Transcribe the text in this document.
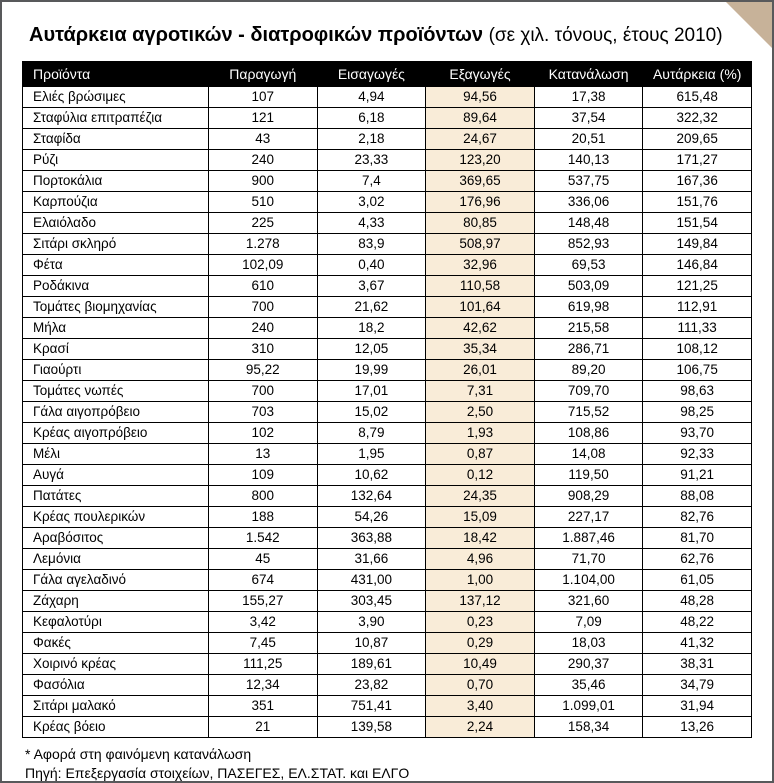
Αυτάρκεια αγροτικών - διατροφικών προϊόντων (σε χιλ. τόνους, έτους 2010)
Προϊόντα	Παραγωγή	Εισαγωγές	Εξαγωγές	Κατανάλωση	Αυτάρκεια (%)
Ελιές βρώσιμες	107	4,94	94,56	17,38	615,48
Σταφύλια επιτραπέζια	121	6,18	89,64	37,54	322,32
Σταφίδα	43	2,18	24,67	20,51	209,65
Ρύζι	240	23,33	123,20	140,13	171,27
Πορτοκάλια	900	7,4	369,65	537,75	167,36
Καρπούζια	510	3,02	176,96	336,06	151,76
Ελαιόλαδο	225	4,33	80,85	148,48	151,54
Σιτάρι σκληρό	1.278	83,9	508,97	852,93	149,84
Φέτα	102,09	0,40	32,96	69,53	146,84
Ροδάκινα	610	3,67	110,58	503,09	121,25
Τομάτες βιομηχανίας	700	21,62	101,64	619,98	112,91
Μήλα	240	18,2	42,62	215,58	111,33
Κρασί	310	12,05	35,34	286,71	108,12
Γιαούρτι	95,22	19,99	26,01	89,20	106,75
Τομάτες νωπές	700	17,01	7,31	709,70	98,63
Γάλα αιγοπρόβειο	703	15,02	2,50	715,52	98,25
Κρέας αιγοπρόβειο	102	8,79	1,93	108,86	93,70
Μέλι	13	1,95	0,87	14,08	92,33
Αυγά	109	10,62	0,12	119,50	91,21
Πατάτες	800	132,64	24,35	908,29	88,08
Κρέας πουλερικών	188	54,26	15,09	227,17	82,76
Αραβόσιτος	1.542	363,88	18,42	1.887,46	81,70
Λεμόνια	45	31,66	4,96	71,70	62,76
Γάλα αγελαδινό	674	431,00	1,00	1.104,00	61,05
Ζάχαρη	155,27	303,45	137,12	321,60	48,28
Κεφαλοτύρι	3,42	3,90	0,23	7,09	48,22
Φακές	7,45	10,87	0,29	18,03	41,32
Χοιρινό κρέας	111,25	189,61	10,49	290,37	38,31
Φασόλια	12,34	23,82	0,70	35,46	34,79
Σιτάρι μαλακό	351	751,41	3,40	1.099,01	31,94
Κρέας βόειο	21	139,58	2,24	158,34	13,26
* Αφορά στη φαινόμενη κατανάλωση
Πηγή: Επεξεργασία στοιχείων, ΠΑΣΕΓΕΣ, ΕΛ.ΣΤΑΤ. και ΕΛΓΟ
